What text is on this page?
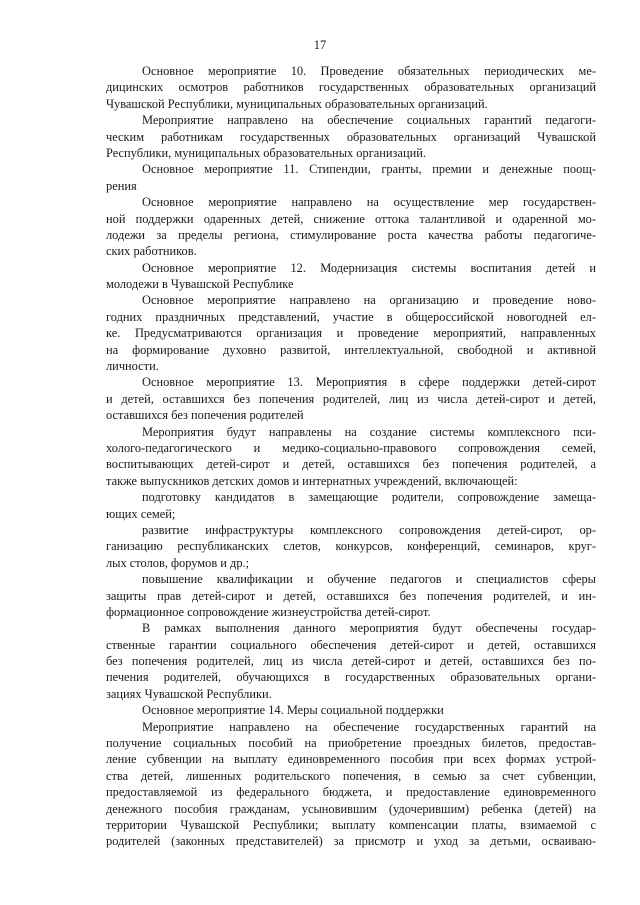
17
Основное мероприятие 10. Проведение обязательных периодических ме-
дицинских осмотров работников государственных образовательных организаций
Чувашской Республики, муниципальных образовательных организаций.
Мероприятие направлено на обеспечение социальных гарантий педагоги-
ческим работникам государственных образовательных организаций Чувашской
Республики, муниципальных образовательных организаций.
Основное мероприятие 11. Стипендии, гранты, премии и денежные поощ-
рения
Основное мероприятие направлено на осуществление мер государствен-
ной поддержки одаренных детей, снижение оттока талантливой и одаренной мо-
лодежи за пределы региона, стимулирование роста качества работы педагогиче-
ских работников.
Основное мероприятие 12. Модернизация системы воспитания детей и
молодежи в Чувашской Республике
Основное мероприятие направлено на организацию и проведение ново-
годних праздничных представлений, участие в общероссийской новогодней ел-
ке. Предусматриваются организация и проведение мероприятий, направленных
на формирование духовно развитой, интеллектуальной, свободной и активной
личности.
Основное мероприятие 13. Мероприятия в сфере поддержки детей-сирот
и детей, оставшихся без попечения родителей, лиц из числа детей-сирот и детей,
оставшихся без попечения родителей
Мероприятия будут направлены на создание системы комплексного пси-
холого-педагогического и медико-социально-правового сопровождения семей,
воспитывающих детей-сирот и детей, оставшихся без попечения родителей, а
также выпускников детских домов и интернатных учреждений, включающей:
подготовку кандидатов в замещающие родители, сопровождение замеща-
ющих семей;
развитие инфраструктуры комплексного сопровождения детей-сирот, ор-
ганизацию республиканских слетов, конкурсов, конференций, семинаров, круг-
лых столов, форумов и др.;
повышение квалификации и обучение педагогов и специалистов сферы
защиты прав детей-сирот и детей, оставшихся без попечения родителей, и ин-
формационное сопровождение жизнеустройства детей-сирот.
В рамках выполнения данного мероприятия будут обеспечены государ-
ственные гарантии социального обеспечения детей-сирот и детей, оставшихся
без попечения родителей, лиц из числа детей-сирот и детей, оставшихся без по-
печения родителей, обучающихся в государственных образовательных органи-
зациях Чувашской Республики.
Основное мероприятие 14. Меры социальной поддержки
Мероприятие направлено на обеспечение государственных гарантий на
получение социальных пособий на приобретение проездных билетов, предостав-
ление субвенции на выплату единовременного пособия при всех формах устрой-
ства детей, лишенных родительского попечения, в семью за счет субвенции,
предоставляемой из федерального бюджета, и предоставление единовременного
денежного пособия гражданам, усыновившим (удочерившим) ребенка (детей) на
территории Чувашской Республики; выплату компенсации платы, взимаемой с
родителей (законных представителей) за присмотр и уход за детьми, осваиваю-
